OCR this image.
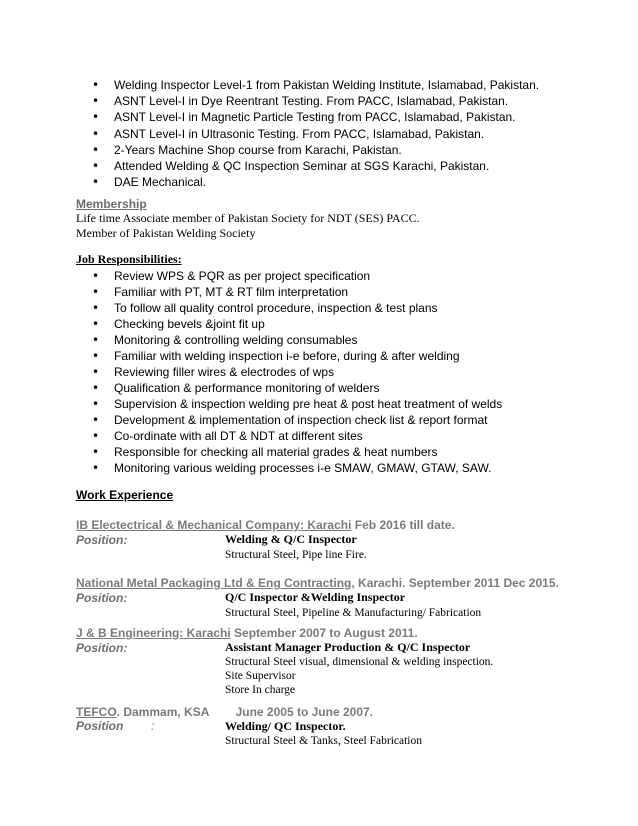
• Welding Inspector Level-1 from Pakistan Welding Institute, Islamabad, Pakistan.
• ASNT Level-I in Dye Reentrant Testing. From PACC, Islamabad, Pakistan.
• ASNT Level-I in Magnetic Particle Testing from PACC, Islamabad, Pakistan.
• ASNT Level-I in Ultrasonic Testing. From PACC, Islamabad, Pakistan.
• 2-Years Machine Shop course from Karachi, Pakistan.
• Attended Welding & QC Inspection Seminar at SGS Karachi, Pakistan.
• DAE Mechanical.
Membership
Life time Associate member of Pakistan Society for NDT (SES) PACC.
Member of Pakistan Welding Society
Job Responsibilities:
• Review WPS & PQR as per project specification
• Familiar with PT, MT & RT film interpretation
• To follow all quality control procedure, inspection & test plans
• Checking bevels &joint fit up
• Monitoring & controlling welding consumables
• Familiar with welding inspection i-e before, during & after welding
• Reviewing filler wires & electrodes of wps
• Qualification & performance monitoring of welders
• Supervision & inspection welding pre heat & post heat treatment of welds
• Development & implementation of inspection check list & report format
• Co-ordinate with all DT & NDT at different sites
• Responsible for checking all material grades & heat numbers
• Monitoring various welding processes i-e SMAW, GMAW, GTAW, SAW.
Work Experience
IB Electectrical & Mechanical Company: Karachi Feb 2016 till date.
Position:	Welding & Q/C Inspector
Structural Steel, Pipe line Fire.
National Metal Packaging Ltd & Eng Contracting, Karachi. September 2011 Dec 2015.
Position:	Q/C Inspector &Welding Inspector
Structural Steel, Pipeline & Manufacturing/ Fabrication
J & B Engineering: Karachi September 2007 to August 2011.
Position:	Assistant Manager Production & Q/C Inspector
Structural Steel visual, dimensional & welding inspection.
Site Supervisor
Store In charge
TEFCO. Dammam, KSA        June 2005 to June 2007.
Position :	Welding/ QC Inspector.
Structural Steel & Tanks, Steel Fabrication
